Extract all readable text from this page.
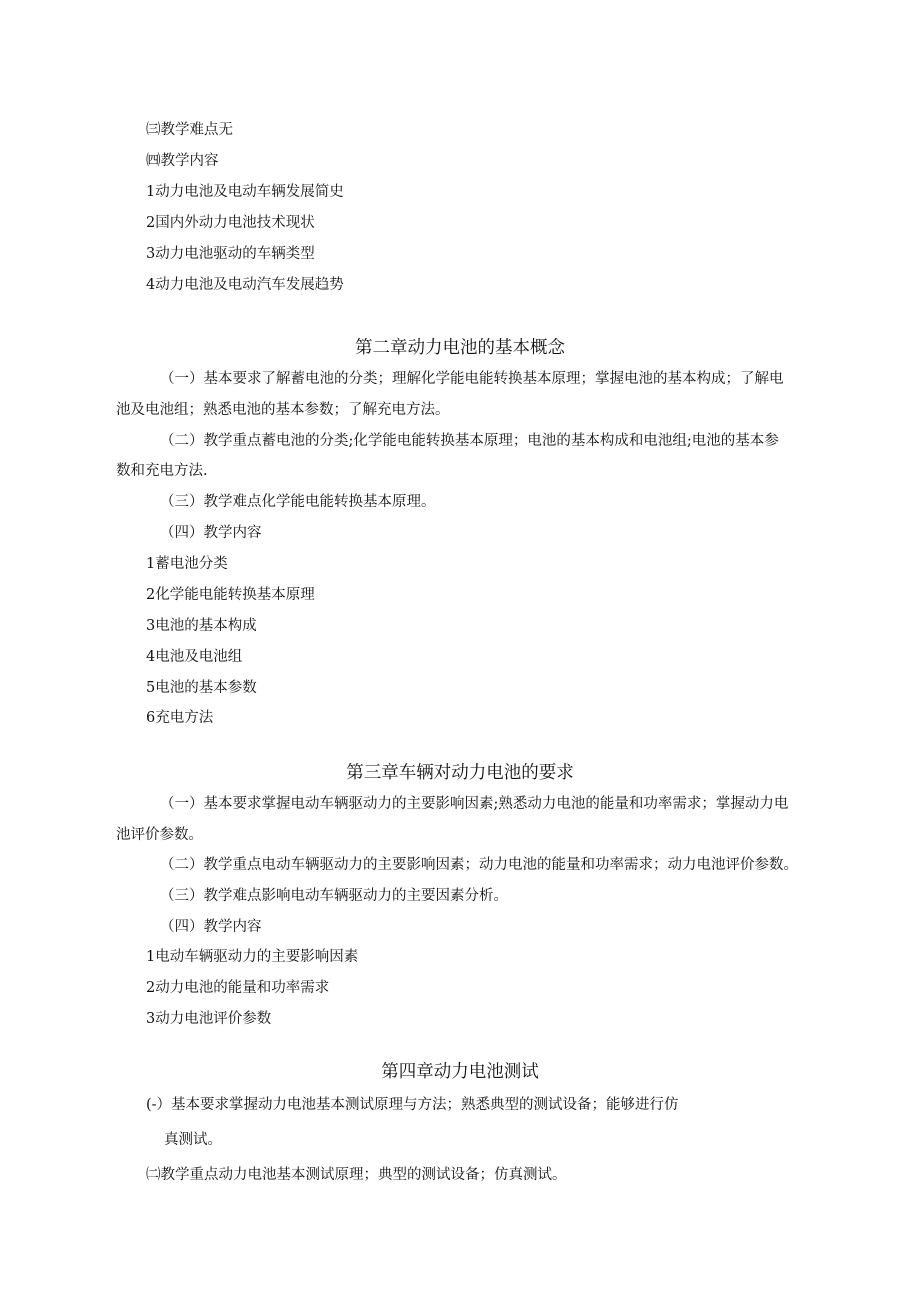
㈢教学难点无
㈣教学内容
1动力电池及电动车辆发展简史
2国内外动力电池技术现状
3动力电池驱动的车辆类型
4动力电池及电动汽车发展趋势
第二章动力电池的基本概念
（一）基本要求了解蓄电池的分类；理解化学能电能转换基本原理；掌握电池的基本构成；了解电
池及电池组；熟悉电池的基本参数；了解充电方法。
（二）教学重点蓄电池的分类;化学能电能转换基本原理；电池的基本构成和电池组;电池的基本参
数和充电方法.
（三）教学难点化学能电能转换基本原理。
（四）教学内容
1蓄电池分类
2化学能电能转换基本原理
3电池的基本构成
4电池及电池组
5电池的基本参数
6充电方法
第三章车辆对动力电池的要求
（一）基本要求掌握电动车辆驱动力的主要影响因素;熟悉动力电池的能量和功率需求；掌握动力电
池评价参数。
（二）教学重点电动车辆驱动力的主要影响因素；动力电池的能量和功率需求；动力电池评价参数。
（三）教学难点影响电动车辆驱动力的主要因素分析。
（四）教学内容
1电动车辆驱动力的主要影响因素
2动力电池的能量和功率需求
3动力电池评价参数
第四章动力电池测试
(-）基本要求掌握动力电池基本测试原理与方法；熟悉典型的测试设备；能够进行仿
真测试。
㈡教学重点动力电池基本测试原理；典型的测试设备；仿真测试。
